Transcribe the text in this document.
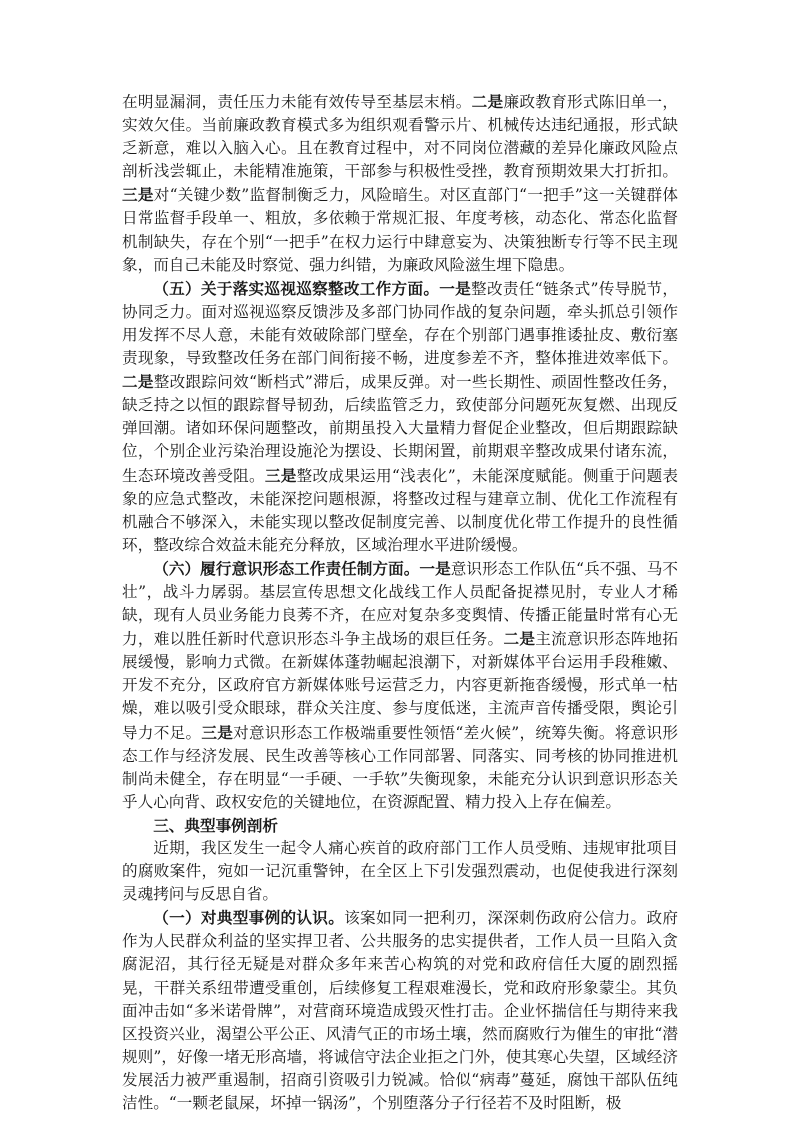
在明显漏洞，责任压力未能有效传导至基层末梢。二是廉政教育形式陈旧单一，实效欠佳。当前廉政教育模式多为组织观看警示片、机械传达违纪通报，形式缺乏新意，难以入脑入心。且在教育过程中，对不同岗位潜藏的差异化廉政风险点剖析浅尝辄止，未能精准施策，干部参与积极性受挫，教育预期效果大打折扣。三是对“关键少数”监督制衡乏力，风险暗生。对区直部门“一把手”这一关键群体日常监督手段单一、粗放，多依赖于常规汇报、年度考核，动态化、常态化监督机制缺失，存在个别“一把手”在权力运行中肆意妄为、决策独断专行等不民主现象，而自己未能及时察觉、强力纠错，为廉政风险滋生埋下隐患。

（五）关于落实巡视巡察整改工作方面。一是整改责任“链条式”传导脱节，协同乏力。面对巡视巡察反馈涉及多部门协同作战的复杂问题，牵头抓总引领作用发挥不尽人意，未能有效破除部门壁垒，存在个别部门遇事推诿扯皮、敷衍塞责现象，导致整改任务在部门间衔接不畅，进度参差不齐，整体推进效率低下。二是整改跟踪问效“断档式”滞后，成果反弹。对一些长期性、顽固性整改任务，缺乏持之以恒的跟踪督导韧劲，后续监管乏力，致使部分问题死灰复燃、出现反弹回潮。诸如环保问题整改，前期虽投入大量精力督促企业整改，但后期跟踪缺位，个别企业污染治理设施沦为摆设、长期闲置，前期艰辛整改成果付诸东流，生态环境改善受阻。三是整改成果运用“浅表化”，未能深度赋能。侧重于问题表象的应急式整改，未能深挖问题根源，将整改过程与建章立制、优化工作流程有机融合不够深入，未能实现以整改促制度完善、以制度优化带工作提升的良性循环，整改综合效益未能充分释放，区域治理水平进阶缓慢。

（六）履行意识形态工作责任制方面。一是意识形态工作队伍“兵不强、马不壮”，战斗力孱弱。基层宣传思想文化战线工作人员配备捉襟见肘，专业人才稀缺，现有人员业务能力良莠不齐，在应对复杂多变舆情、传播正能量时常有心无力，难以胜任新时代意识形态斗争主战场的艰巨任务。二是主流意识形态阵地拓展缓慢，影响力式微。在新媒体蓬勃崛起浪潮下，对新媒体平台运用手段稚嫩、开发不充分，区政府官方新媒体账号运营乏力，内容更新拖沓缓慢，形式单一枯燥，难以吸引受众眼球，群众关注度、参与度低迷，主流声音传播受限，舆论引导力不足。三是对意识形态工作极端重要性领悟“差火候”，统筹失衡。将意识形态工作与经济发展、民生改善等核心工作同部署、同落实、同考核的协同推进机制尚未健全，存在明显“一手硬、一手软”失衡现象，未能充分认识到意识形态关乎人心向背、政权安危的关键地位，在资源配置、精力投入上存在偏差。

三、典型事例剖析

近期，我区发生一起令人痛心疾首的政府部门工作人员受贿、违规审批项目的腐败案件，宛如一记沉重警钟，在全区上下引发强烈震动，也促使我进行深刻灵魂拷问与反思自省。

（一）对典型事例的认识。该案如同一把利刃，深深刺伤政府公信力。政府作为人民群众利益的坚实捍卫者、公共服务的忠实提供者，工作人员一旦陷入贪腐泥沼，其行径无疑是对群众多年来苦心构筑的对党和政府信任大厦的剧烈摇晃，干群关系纽带遭受重创，后续修复工程艰难漫长，党和政府形象蒙尘。其负面冲击如“多米诺骨牌”，对营商环境造成毁灭性打击。企业怀揣信任与期待来我区投资兴业，渴望公平公正、风清气正的市场土壤，然而腐败行为催生的审批“潜规则”，好像一堵无形高墙，将诚信守法企业拒之门外，使其寒心失望，区域经济发展活力被严重遏制，招商引资吸引力锐减。恰似“病毒”蔓延，腐蚀干部队伍纯洁性。“一颗老鼠屎，坏掉一锅汤”，个别堕落分子行径若不及时阻断，极
